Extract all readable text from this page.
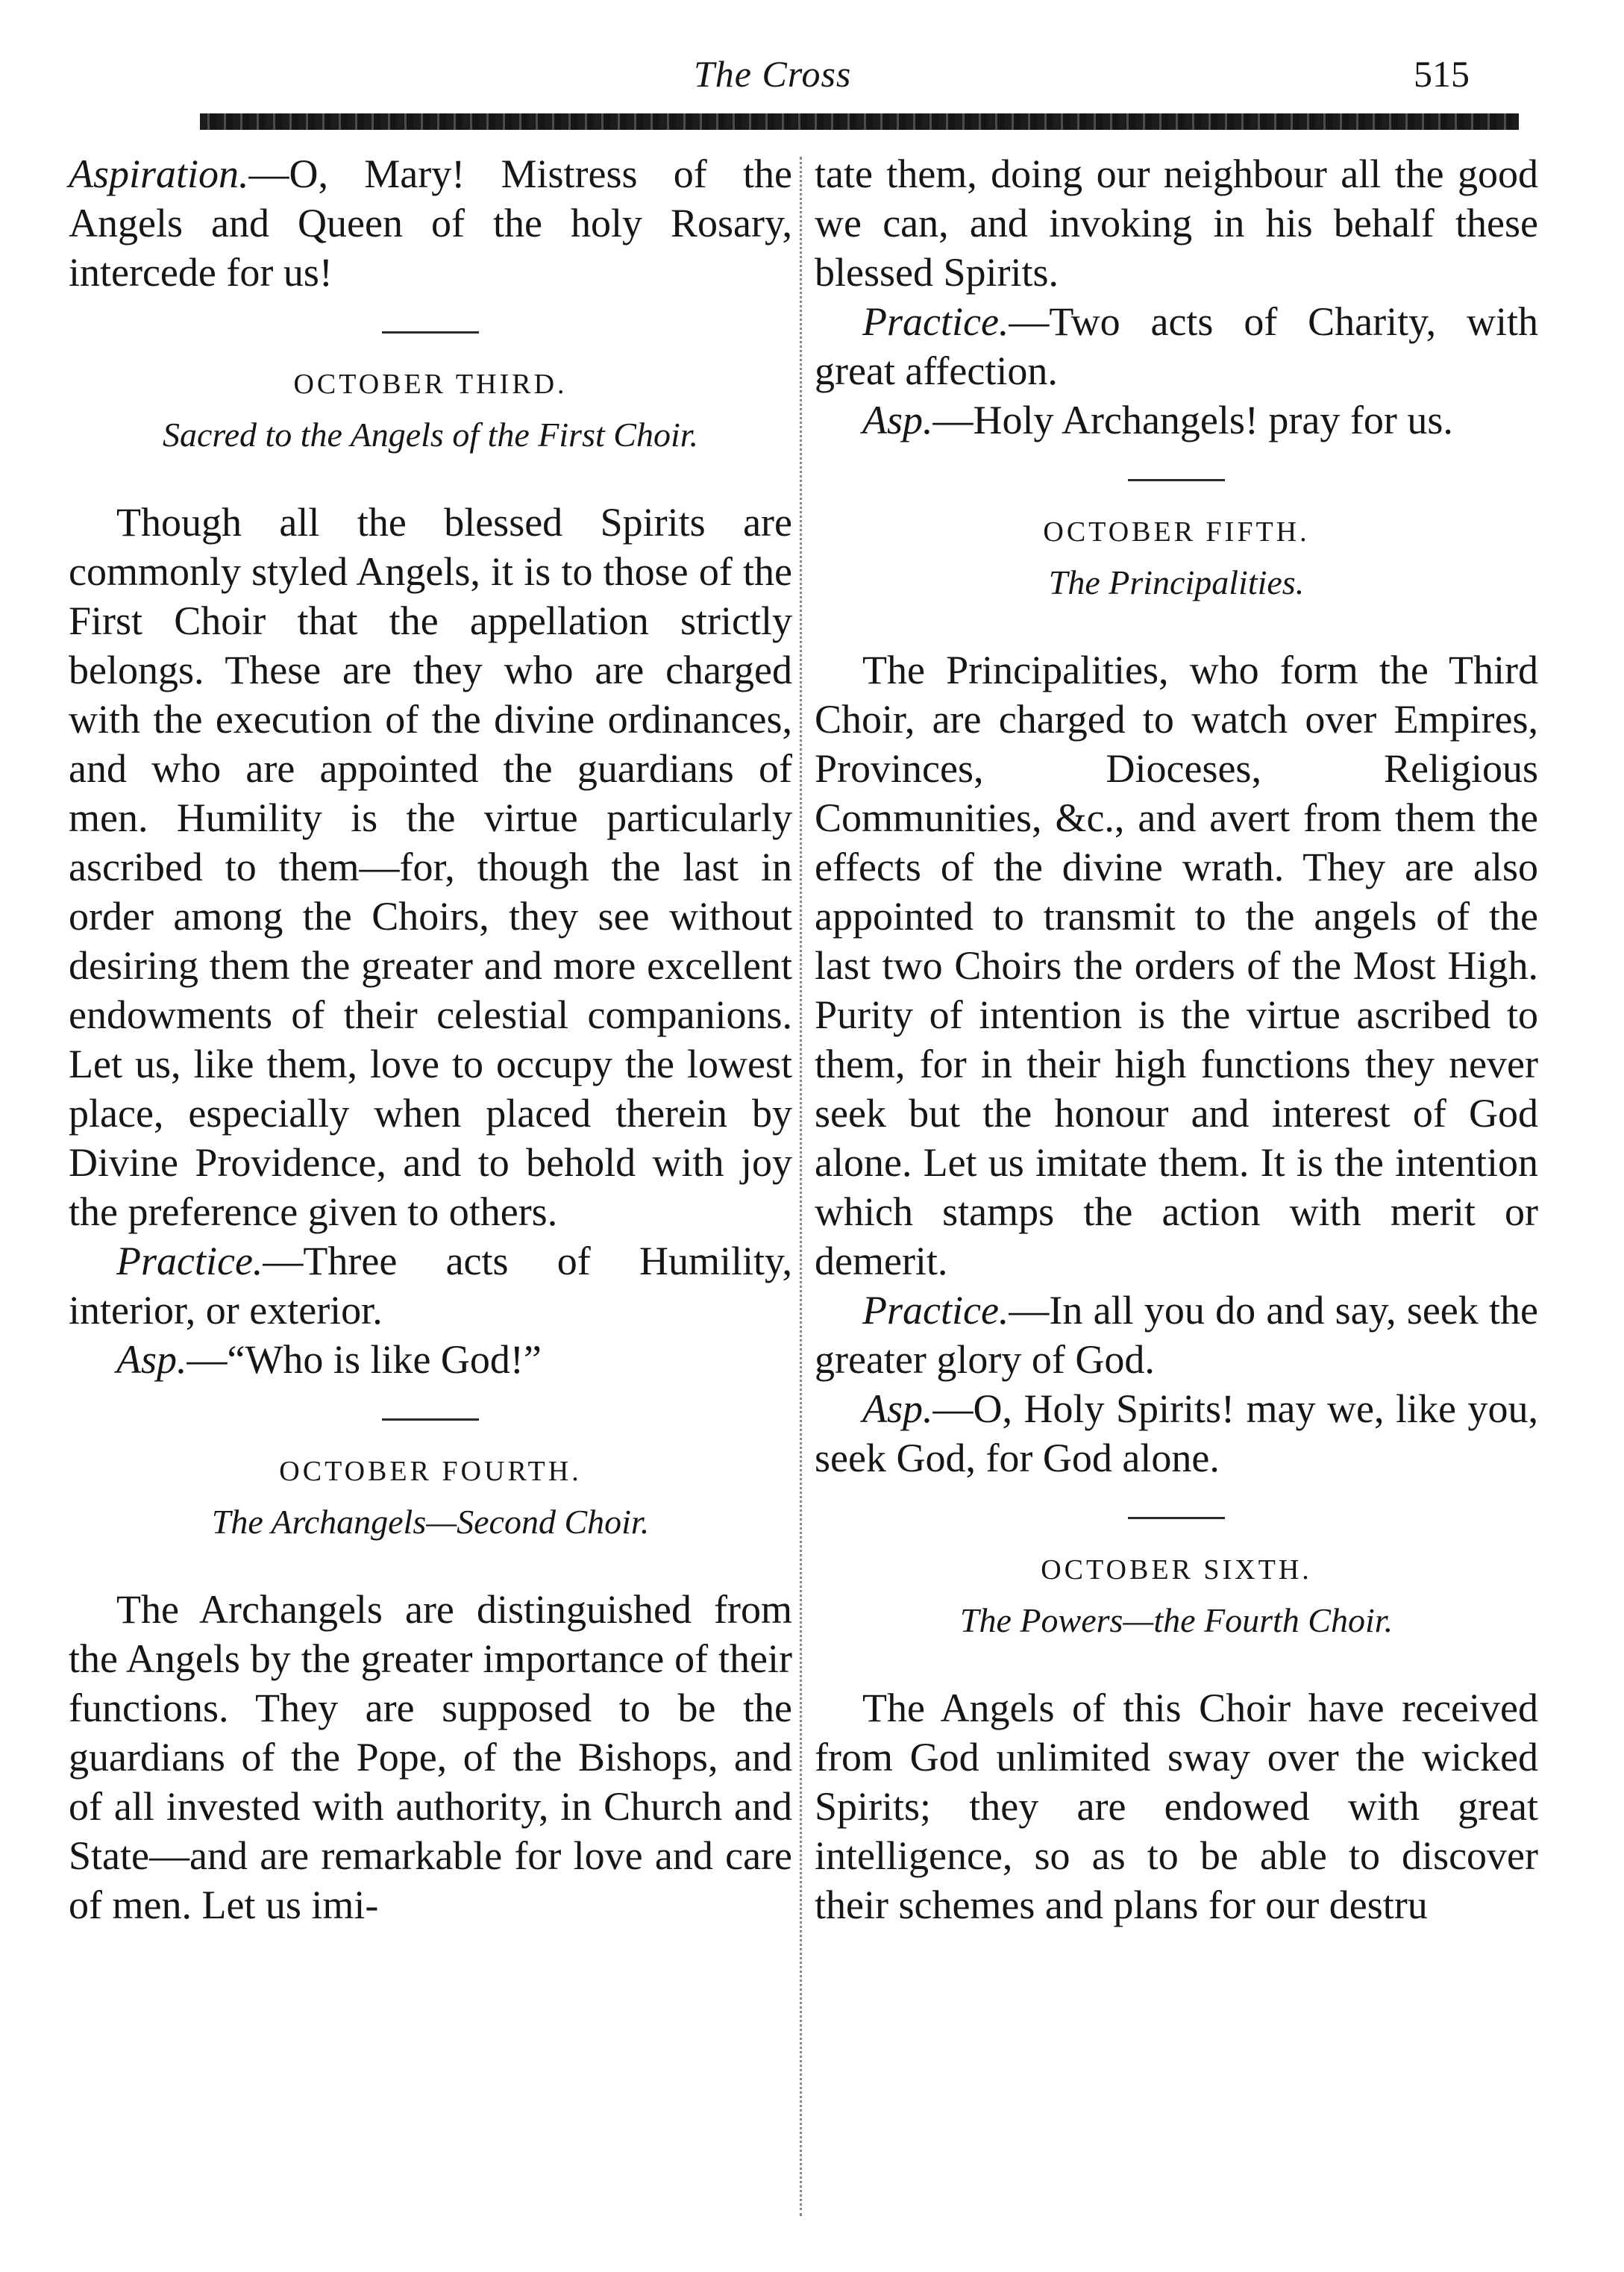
The Cross	515

Aspiration.—O, Mary! Mistress of the Angels and Queen of the holy Rosary, intercede for us!

OCTOBER THIRD.
Sacred to the Angels of the First Choir.

Though all the blessed Spirits are commonly styled Angels, it is to those of the First Choir that the appellation strictly belongs. These are they who are charged with the execution of the divine ordinances, and who are appointed the guardians of men. Humility is the virtue particularly ascribed to them—for, though the last in order among the Choirs, they see without desiring them the greater and more excellent endowments of their celestial companions. Let us, like them, love to occupy the lowest place, especially when placed therein by Divine Providence, and to behold with joy the preference given to others.

Practice.—Three acts of Humility, interior, or exterior.

Asp.—“Who is like God!”

OCTOBER FOURTH.
The Archangels—Second Choir.

The Archangels are distinguished from the Angels by the greater importance of their functions. They are supposed to be the guardians of the Pope, of the Bishops, and of all invested with authority, in Church and State—and are remarkable for love and care of men. Let us imi-

tate them, doing our neighbour all the good we can, and invoking in his behalf these blessed Spirits.

Practice.—Two acts of Charity, with great affection.

Asp.—Holy Archangels! pray for us.

OCTOBER FIFTH.
The Principalities.

The Principalities, who form the Third Choir, are charged to watch over Empires, Provinces, Dioceses, Religious Communities, &c., and avert from them the effects of the divine wrath. They are also appointed to transmit to the angels of the last two Choirs the orders of the Most High. Purity of intention is the virtue ascribed to them, for in their high functions they never seek but the honour and interest of God alone. Let us imitate them. It is the intention which stamps the action with merit or demerit.

Practice.—In all you do and say, seek the greater glory of God.

Asp.—O, Holy Spirits! may we, like you, seek God, for God alone.

OCTOBER SIXTH.
The Powers—the Fourth Choir.

The Angels of this Choir have received from God unlimited sway over the wicked Spirits; they are endowed with great intelligence, so as to be able to discover their schemes and plans for our destru
